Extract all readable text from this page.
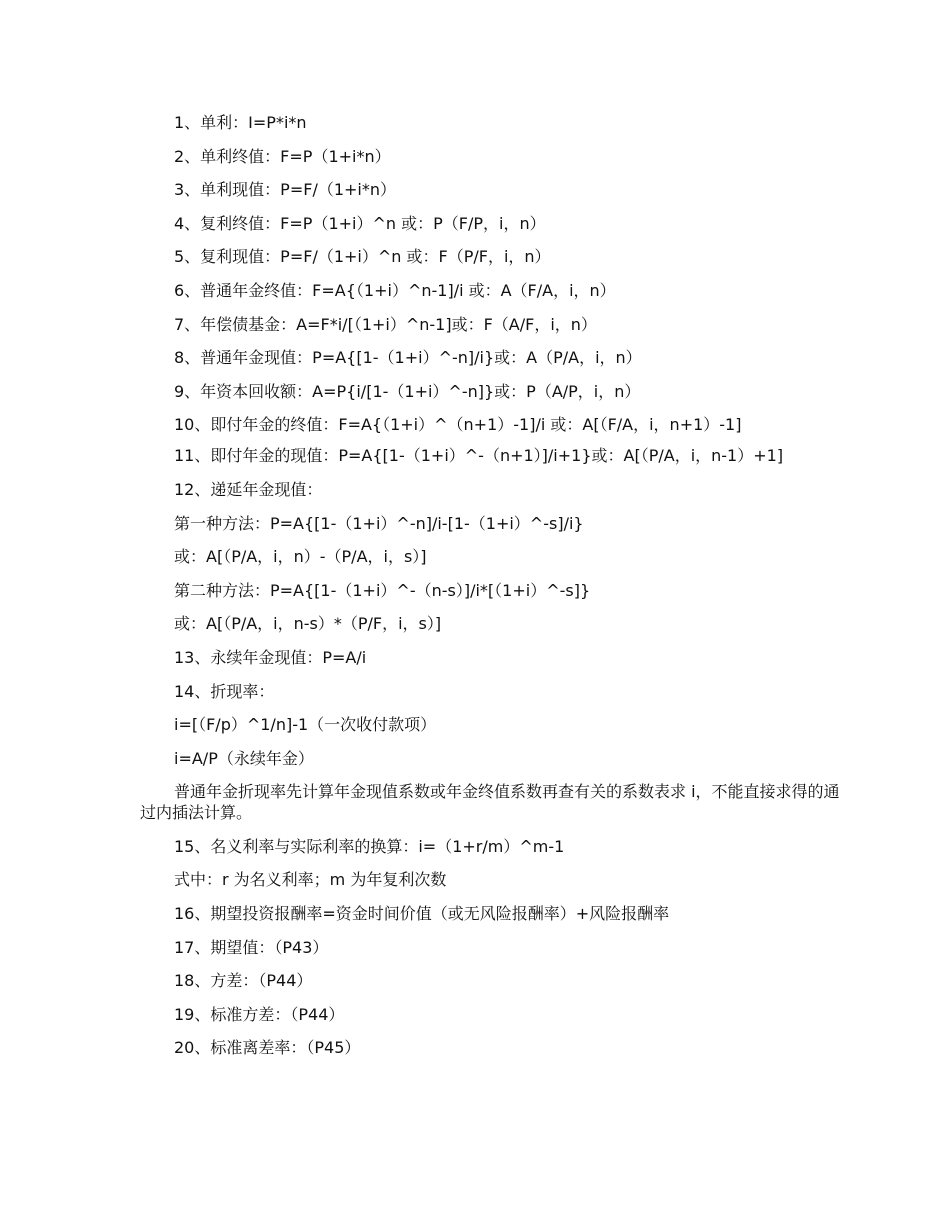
1、单利：I=P*i*n

2、单利终值：F=P（1+i*n）

3、单利现值：P=F/（1+i*n）

4、复利终值：F=P（1+i）^n 或：P（F/P，i，n）

5、复利现值：P=F/（1+i）^n 或：F（P/F，i，n）

6、普通年金终值：F=A{（1+i）^n-1]/i 或：A（F/A，i，n）

7、年偿债基金：A=F*i/[（1+i）^n-1]或：F（A/F，i，n）

8、普通年金现值：P=A{[1-（1+i）^-n]/i}或：A（P/A，i，n）

9、年资本回收额：A=P{i/[1-（1+i）^-n]}或：P（A/P，i，n）

10、即付年金的终值：F=A{（1+i）^（n+1）-1]/i 或：A[（F/A，i，n+1）-1]

11、即付年金的现值：P=A{[1-（1+i）^-（n+1）]/i+1}或：A[（P/A，i，n-1）+1]

12、递延年金现值：

第一种方法：P=A{[1-（1+i）^-n]/i-[1-（1+i）^-s]/i}

或：A[（P/A，i，n）-（P/A，i，s）]

第二种方法：P=A{[1-（1+i）^-（n-s）]/i*[（1+i）^-s]}

或：A[（P/A，i，n-s）*（P/F，i，s）]

13、永续年金现值：P=A/i

14、折现率：

i=[（F/p）^1/n]-1（一次收付款项）

i=A/P（永续年金）

普通年金折现率先计算年金现值系数或年金终值系数再查有关的系数表求 i，不能直接求得的通过内插法计算。

15、名义利率与实际利率的换算：i=（1+r/m）^m-1

式中：r 为名义利率；m 为年复利次数

16、期望投资报酬率=资金时间价值（或无风险报酬率）+风险报酬率

17、期望值：（P43）

18、方差：（P44）

19、标准方差：（P44）

20、标准离差率：（P45）
